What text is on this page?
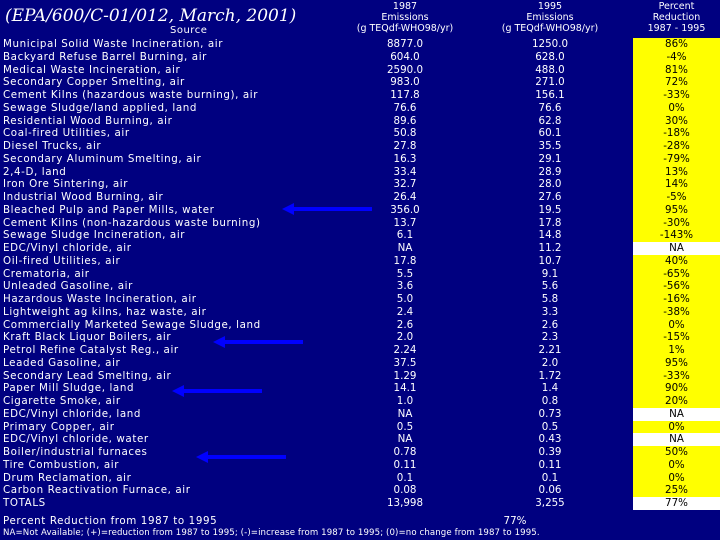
(EPA/600/C-01/012, March, 2001)
Source
1987
Emissions
(g TEQdf-WHO98/yr)
1995
Emissions
(g TEQdf-WHO98/yr)
Percent
Reduction
1987 - 1995
Municipal Solid Waste Incineration, air	8877.0	1250.0	86%
Backyard Refuse Barrel Burning, air	604.0	628.0	-4%
Medical Waste Incineration, air	2590.0	488.0	81%
Secondary Copper Smelting, air	983.0	271.0	72%
Cement Kilns (hazardous waste burning), air	117.8	156.1	-33%
Sewage Sludge/land applied, land	76.6	76.6	0%
Residential Wood Burning, air	89.6	62.8	30%
Coal-fired Utilities, air	50.8	60.1	-18%
Diesel Trucks, air	27.8	35.5	-28%
Secondary Aluminum Smelting, air	16.3	29.1	-79%
2,4-D, land	33.4	28.9	13%
Iron Ore Sintering, air	32.7	28.0	14%
Industrial Wood Burning, air	26.4	27.6	-5%
Bleached Pulp and Paper Mills, water	356.0	19.5	95%
Cement Kilns (non-hazardous waste burning)	13.7	17.8	-30%
Sewage Sludge Incineration, air	6.1	14.8	-143%
EDC/Vinyl chloride, air	NA	11.2	NA
Oil-fired Utilities, air	17.8	10.7	40%
Crematoria, air	5.5	9.1	-65%
Unleaded Gasoline, air	3.6	5.6	-56%
Hazardous Waste Incineration, air	5.0	5.8	-16%
Lightweight ag kilns, haz waste, air	2.4	3.3	-38%
Commercially Marketed Sewage Sludge, land	2.6	2.6	0%
Kraft Black Liquor Boilers, air	2.0	2.3	-15%
Petrol Refine Catalyst Reg., air	2.24	2.21	1%
Leaded Gasoline, air	37.5	2.0	95%
Secondary Lead Smelting, air	1.29	1.72	-33%
Paper Mill Sludge, land	14.1	1.4	90%
Cigarette Smoke, air	1.0	0.8	20%
EDC/Vinyl chloride, land	NA	0.73	NA
Primary Copper, air	0.5	0.5	0%
EDC/Vinyl chloride, water	NA	0.43	NA
Boiler/industrial furnaces	0.78	0.39	50%
Tire Combustion, air	0.11	0.11	0%
Drum Reclamation, air	0.1	0.1	0%
Carbon Reactivation Furnace, air	0.08	0.06	25%
TOTALS	13,998	3,255	77%
Percent Reduction from 1987 to 1995	77%
NA=Not Available; (+)=reduction from 1987 to 1995; (-)=increase from 1987 to 1995; (0)=no change from 1987 to 1995.
